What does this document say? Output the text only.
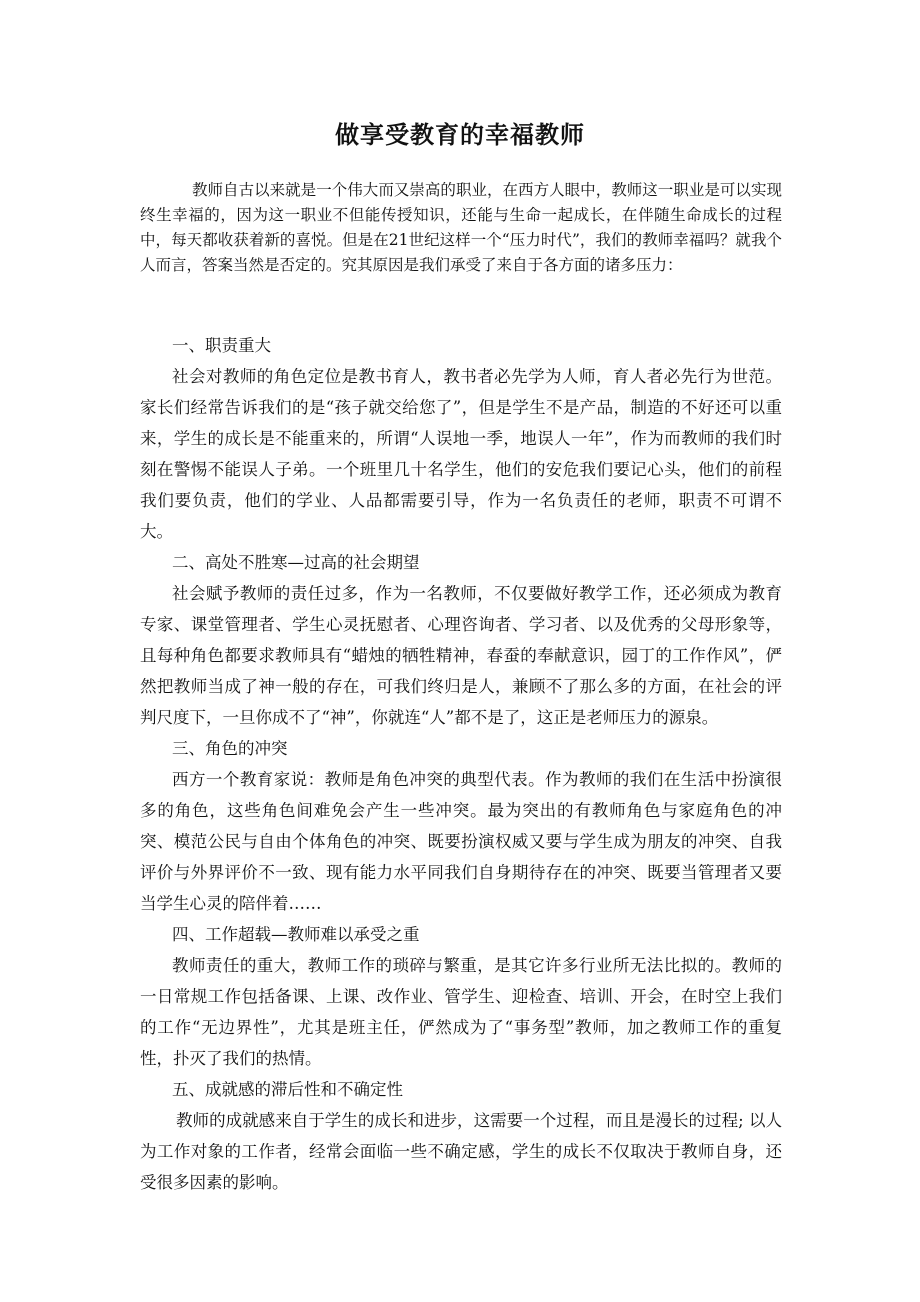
做享受教育的幸福教师

教师自古以来就是一个伟大而又崇高的职业，在西方人眼中，教师这一职业是可以实现终生幸福的，因为这一职业不但能传授知识，还能与生命一起成长，在伴随生命成长的过程中，每天都收获着新的喜悦。但是在21世纪这样一个“压力时代”，我们的教师幸福吗？就我个人而言，答案当然是否定的。究其原因是我们承受了来自于各方面的诸多压力：

一、职责重大

社会对教师的角色定位是教书育人，教书者必先学为人师，育人者必先行为世范。家长们经常告诉我们的是“孩子就交给您了”，但是学生不是产品，制造的不好还可以重来，学生的成长是不能重来的，所谓“人误地一季，地误人一年”，作为而教师的我们时刻在警惕不能误人子弟。一个班里几十名学生，他们的安危我们要记心头，他们的前程我们要负责，他们的学业、人品都需要引导，作为一名负责任的老师，职责不可谓不大。

二、高处不胜寒—过高的社会期望

社会赋予教师的责任过多，作为一名教师，不仅要做好教学工作，还必须成为教育专家、课堂管理者、学生心灵抚慰者、心理咨询者、学习者、以及优秀的父母形象等，且每种角色都要求教师具有“蜡烛的牺牲精神，春蚕的奉献意识，园丁的工作作风”，俨然把教师当成了神一般的存在，可我们终归是人，兼顾不了那么多的方面，在社会的评判尺度下，一旦你成不了“神”，你就连“人”都不是了，这正是老师压力的源泉。

三、角色的冲突

西方一个教育家说：教师是角色冲突的典型代表。作为教师的我们在生活中扮演很多的角色，这些角色间难免会产生一些冲突。最为突出的有教师角色与家庭角色的冲突、模范公民与自由个体角色的冲突、既要扮演权威又要与学生成为朋友的冲突、自我评价与外界评价不一致、现有能力水平同我们自身期待存在的冲突、既要当管理者又要当学生心灵的陪伴着……

四、工作超载—教师难以承受之重

教师责任的重大，教师工作的琐碎与繁重，是其它许多行业所无法比拟的。教师的一日常规工作包括备课、上课、改作业、管学生、迎检查、培训、开会，在时空上我们的工作“无边界性”，尤其是班主任，俨然成为了“事务型”教师，加之教师工作的重复性，扑灭了我们的热情。

五、成就感的滞后性和不确定性

教师的成就感来自于学生的成长和进步，这需要一个过程，而且是漫长的过程; 以人为工作对象的工作者，经常会面临一些不确定感，学生的成长不仅取决于教师自身，还受很多因素的影响。
